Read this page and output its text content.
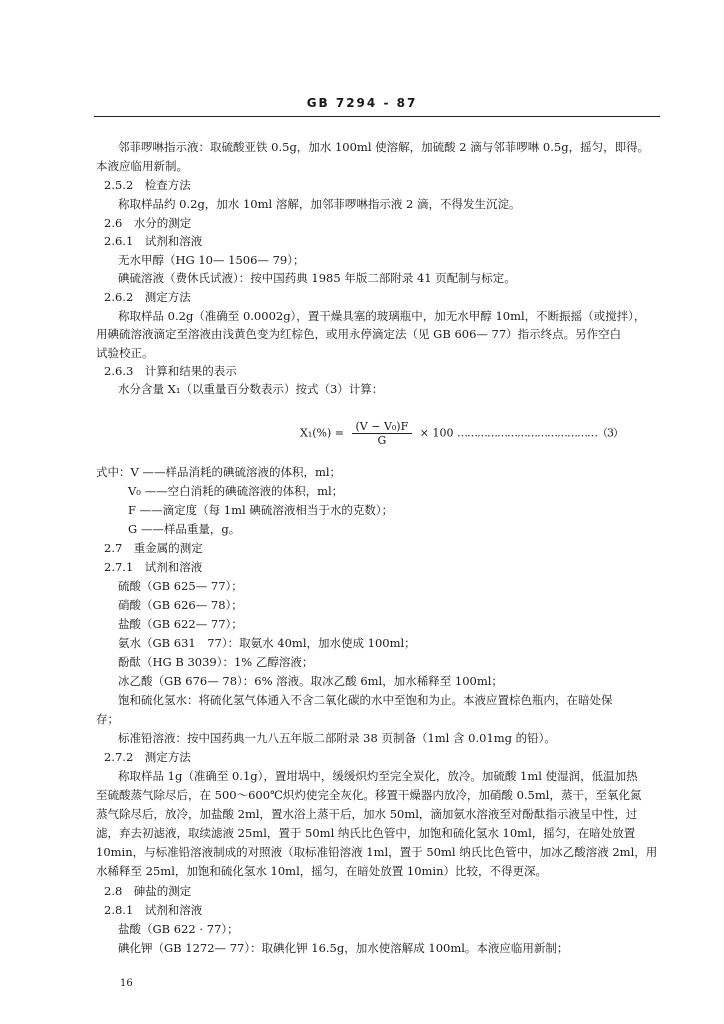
GB 7294 - 87
邻菲啰啉指示液：取硫酸亚铁 0.5g，加水 100ml 使溶解，加硫酸 2 滴与邻菲啰啉 0.5g，摇匀，即得。
本液应临用新制。
2.5.2　检查方法
称取样品约 0.2g，加水 10ml 溶解，加邻菲啰啉指示液 2 滴，不得发生沉淀。
2.6　水分的测定
2.6.1　试剂和溶液
无水甲醇（HG 10— 1506— 79）；
碘硫溶液（费休氏试液）：按中国药典 1985 年版二部附录 41 页配制与标定。
2.6.2　测定方法
称取样品 0.2g（准确至 0.0002g），置干燥具塞的玻璃瓶中，加无水甲醇 10ml，不断振摇（或搅拌），
用碘硫溶液滴定至溶液由浅黄色变为红棕色，或用永停滴定法（见 GB 606— 77）指示终点。另作空白
试验校正。
2.6.3　计算和结果的表示
水分含量 X₁（以重量百分数表示）按式（3）计算：
$X_1(\%) = \frac{\text{(V − V₀)F}}{G} \times 100$ ……………………………………（3）
式中：V ——样品消耗的碘硫溶液的体积，ml；
V₀ ——空白消耗的碘硫溶液的体积，ml；
F ——滴定度（每 1ml 碘硫溶液相当于水的克数）；
G ——样品重量，g。
2.7　重金属的测定
2.7.1　试剂和溶液
硫酸（GB 625— 77）；
硝酸（GB 626— 78）；
盐酸（GB 622— 77）；
氨水（GB 631　77）：取氨水 40ml，加水使成 100ml；
酚酞（HG B 3039）：1% 乙醇溶液；
冰乙酸（GB 676— 78）：6% 溶液。取冰乙酸 6ml，加水稀释至 100ml；
饱和硫化氢水：将硫化氢气体通入不含二氧化碳的水中至饱和为止。本液应置棕色瓶内，在暗处保
存；
标准铅溶液：按中国药典一九八五年版二部附录 38 页制备（1ml 含 0.01mg 的铅）。
2.7.2　测定方法
称取样品 1g（准确至 0.1g），置坩埚中，缓缓炽灼至完全炭化，放冷。加硫酸 1ml 使湿润，低温加热
至硫酸蒸气除尽后，在 500～600℃炽灼使完全灰化。移置干燥器内放冷，加硝酸 0.5ml，蒸干，至氧化氮
蒸气除尽后，放冷，加盐酸 2ml，置水浴上蒸干后，加水 50ml，滴加氨水溶液至对酚酞指示液呈中性，过
滤，弃去初滤液，取续滤液 25ml，置于 50ml 纳氏比色管中，加饱和硫化氢水 10ml，摇匀，在暗处放置
10min，与标准铅溶液制成的对照液（取标准铅溶液 1ml，置于 50ml 纳氏比色管中，加冰乙酸溶液 2ml，用
水稀释至 25ml，加饱和硫化氢水 10ml，摇匀，在暗处放置 10min）比较，不得更深。
2.8　砷盐的测定
2.8.1　试剂和溶液
盐酸（GB 622 · 77）；
碘化钾（GB 1272— 77）：取碘化钾 16.5g，加水使溶解成 100ml。本液应临用新制；
16
